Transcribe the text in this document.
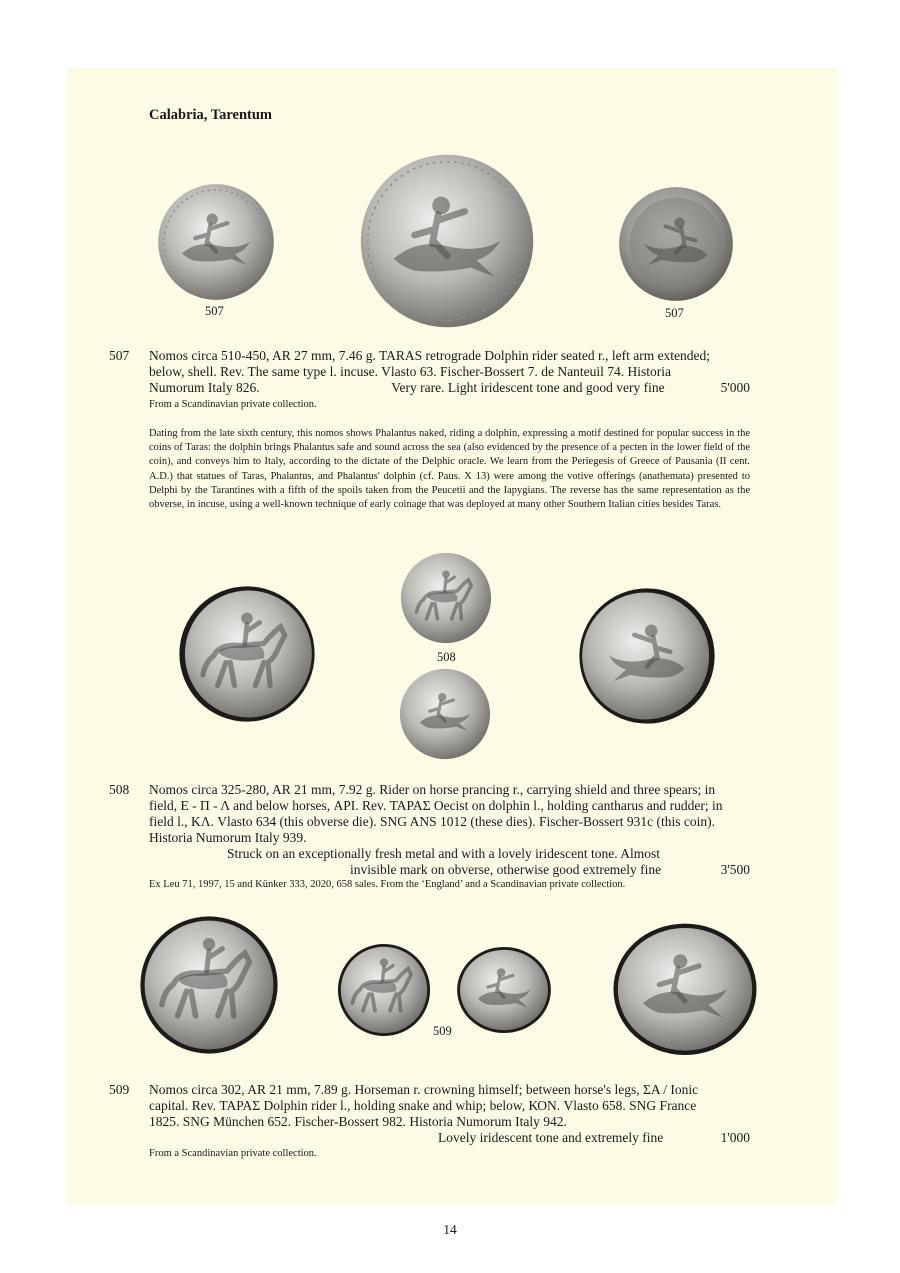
Calabria, Tarentum
507	507
507 Nomos circa 510-450, AR 27 mm, 7.46 g. TARAS retrograde Dolphin rider seated r., left arm extended;

below, shell. Rev. The same type l. incuse. Vlasto 63. Fischer-Bossert 7. de Nanteuil 74. Historia

Numorum Italy 826.	Very rare. Light iridescent tone and good very fine	5'000
From a Scandinavian private collection.
Dating from the late sixth century, this nomos shows Phalantus naked, riding a dolphin, expressing a motif destined for popular success in the coins of Taras: the dolphin brings Phalantus safe and sound across the sea (also evidenced by the presence of a pecten in the lower field of the coin), and conveys him to Italy, according to the dictate of the Delphic oracle. We learn from the Periegesis of Greece of Pausania (II cent. A.D.) that statues of Taras, Phalantus, and Phalantus' dolphin (cf. Paus. X 13) were among the votive offerings (anathemata) presented to Delphi by the Tarantines with a fifth of the spoils taken from the Peucetii and the Iapygians. The reverse has the same representation as the obverse, in incuse, using a well-known technique of early coinage that was deployed at many other Southern Italian cities besides Taras.
508
508 Nomos circa 325-280, AR 21 mm, 7.92 g. Rider on horse prancing r., carrying shield and three spears; in

field, Ε - Π - Λ and below horses, ΑΡΙ. Rev. ΤΑΡΑΣ Oecist on dolphin l., holding cantharus and rudder; in

field l., ΚΛ. Vlasto 634 (this obverse die). SNG ANS 1012 (these dies). Fischer-Bossert 931c (this coin).

Historia Numorum Italy 939.

Struck on an exceptionally fresh metal and with a lovely iridescent tone. Almost

invisible mark on obverse, otherwise good extremely fine	3'500
Ex Leu 71, 1997, 15 and Künker 333, 2020, 658 sales. From the ‘England’ and a Scandinavian private collection.
509
509 Nomos circa 302, AR 21 mm, 7.89 g. Horseman r. crowning himself; between horse's legs, ΣΑ / Ionic

capital. Rev. ΤΑΡΑΣ Dolphin rider l., holding snake and whip; below, ΚΟΝ. Vlasto 658. SNG France

1825. SNG München 652. Fischer-Bossert 982. Historia Numorum Italy 942.

Lovely iridescent tone and extremely fine	1'000
From a Scandinavian private collection.
14
